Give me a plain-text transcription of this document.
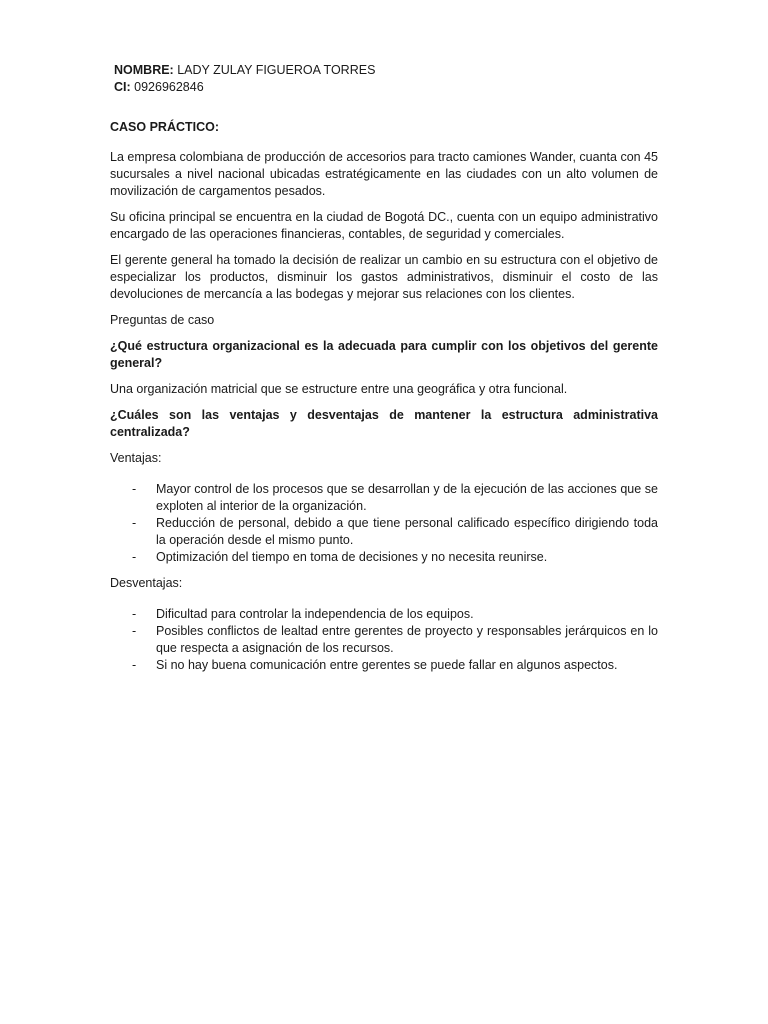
NOMBRE: LADY ZULAY FIGUEROA TORRES
CI: 0926962846

CASO PRÁCTICO:

La empresa colombiana de producción de accesorios para tracto camiones Wander, cuanta con 45 sucursales a nivel nacional ubicadas estratégicamente en las ciudades con un alto volumen de movilización de cargamentos pesados.

Su oficina principal se encuentra en la ciudad de Bogotá DC., cuenta con un equipo administrativo encargado de las operaciones financieras, contables, de seguridad y comerciales.

El gerente general ha tomado la decisión de realizar un cambio en su estructura con el objetivo de especializar los productos, disminuir los gastos administrativos, disminuir el costo de las devoluciones de mercancía a las bodegas y mejorar sus relaciones con los clientes.

Preguntas de caso

¿Qué estructura organizacional es la adecuada para cumplir con los objetivos del gerente general?

Una organización matricial que se estructure entre una geográfica y otra funcional.

¿Cuáles son las ventajas y desventajas de mantener la estructura administrativa centralizada?

Ventajas:

- Mayor control de los procesos que se desarrollan y de la ejecución de las acciones que se exploten al interior de la organización.
- Reducción de personal, debido a que tiene personal calificado específico dirigiendo toda la operación desde el mismo punto.
- Optimización del tiempo en toma de decisiones y no necesita reunirse.

Desventajas:

- Dificultad para controlar la independencia de los equipos.
- Posibles conflictos de lealtad entre gerentes de proyecto y responsables jerárquicos en lo que respecta a asignación de los recursos.
- Si no hay buena comunicación entre gerentes se puede fallar en algunos aspectos.
